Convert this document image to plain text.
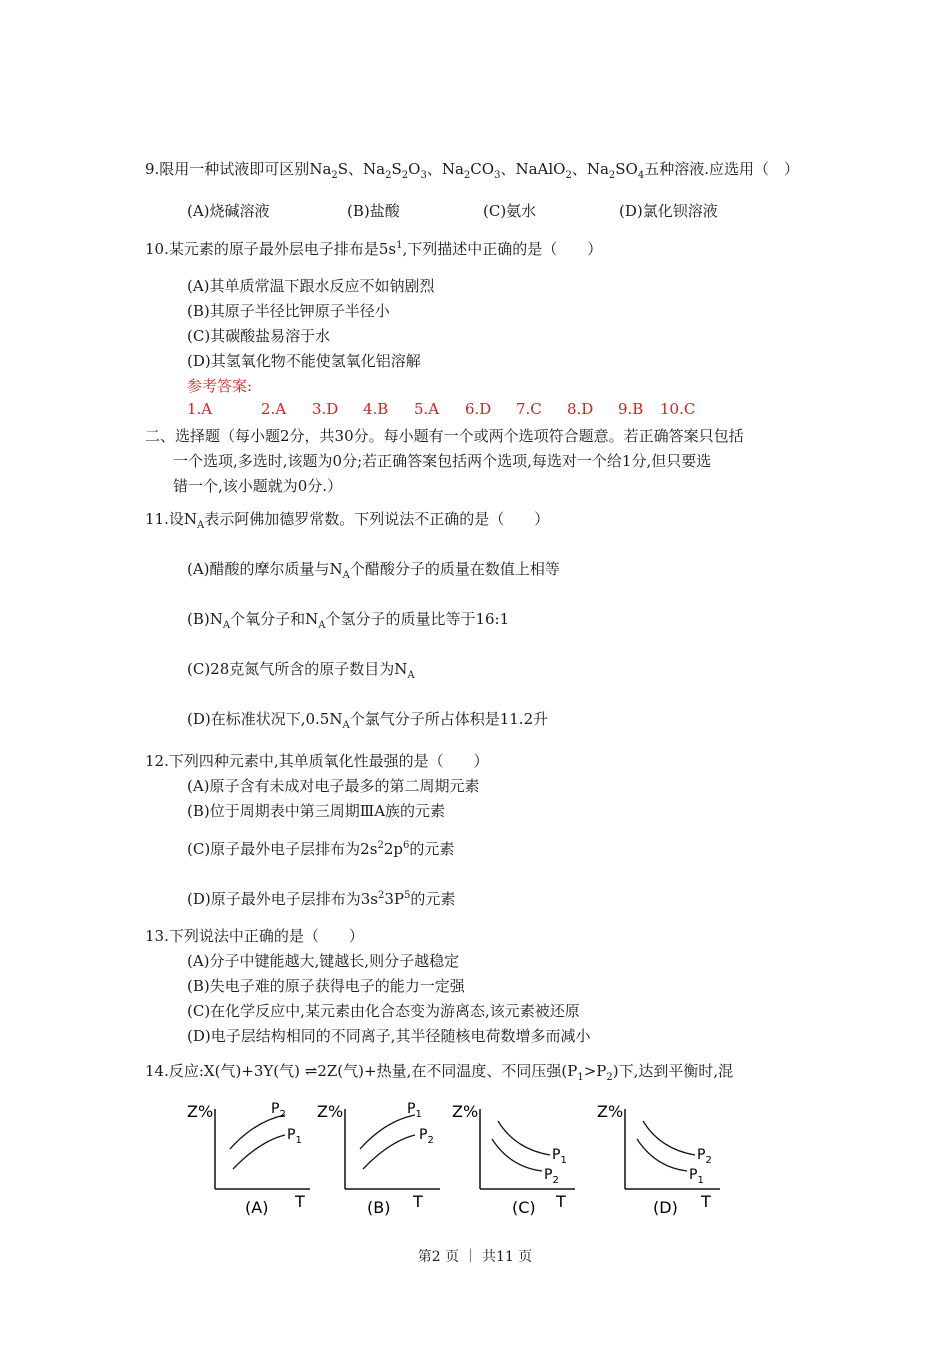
9.限用一种试液即可区别$Na_2S$、$Na_2S_2O_3$、$Na_2CO_3$、NaAlO$_2$、$Na_2SO_4$五种溶液.应选用（　）
(A)烧碱溶液	(B)盐酸	(C)氨水	(D)氯化钡溶液
10.某元素的原子最外层电子排布是$5s^1$,下列描述中正确的是（　　）
(A)其单质常温下跟水反应不如钠剧烈
(B)其原子半径比钾原子半径小
(C)其碳酸盐易溶于水
(D)其氢氧化物不能使氢氧化铝溶解
参考答案:
1.A	2.A 3.D 4.B 5.A 6.D 7.C 8.D 9.B 10.C
二、选择题（每小题2分，共30分。每小题有一个或两个选项符合题意。若正确答案只包括
一个选项,多选时,该题为0分;若正确答案包括两个选项,每选对一个给1分,但只要选
错一个,该小题就为0分.）
11.设$N_A$表示阿佛加德罗常数。下列说法不正确的是（　　）
(A)醋酸的摩尔质量与$N_A$个醋酸分子的质量在数值上相等
$(B)N_A$个氧分子和$N_A$个氢分子的质量比等于16:1
(C)28克氮气所含的原子数目为$N_A$
(D)在标准状况下$,0.5N_A$个氯气分子所占体积是11.2升
12.下列四种元素中,其单质氧化性最强的是（　　）
(A)原子含有未成对电子最多的第二周期元素
(B)位于周期表中第三周期ⅢA族的元素
(C)原子最外电子层排布为$2s^22p^6$的元素
(D)原子最外电子层排布为$3s^23P^5$的元素
13.下列说法中正确的是（　　）
(A)分子中键能越大,键越长,则分子越稳定
(B)失电子难的原子获得电子的能力一定强
(C)在化学反应中,某元素由化合态变为游离态,该元素被还原
(D)电子层结构相同的不同离子,其半径随核电荷数增多而减小
14.反应:X(气)+3Y(气) ⇌2Z(气)+热量,在不同温度、不同压强$(P_1>P_2)$下,达到平衡时,混
Z%	$P_2$
$P_1$
T
(A)
Z%	$P_1$
$P_2$
T
(B)
Z%
$P_1$
$P_2$
T
(C)
Z%
$P_2$
$P_1$
T
(D)
第2 页 ｜ 共11 页
